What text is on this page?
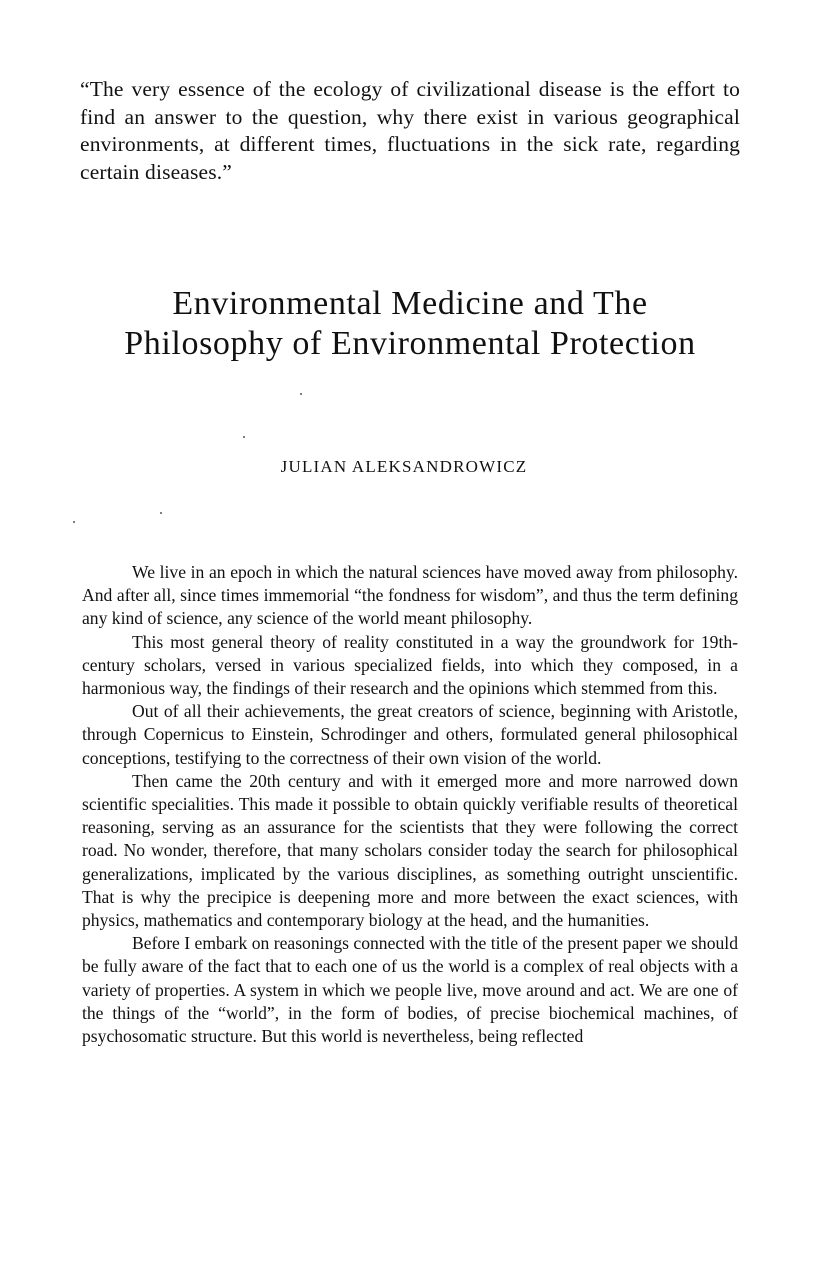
“The very essence of the ecology of civilizational disease is the effort to find an answer to the question, why there exist in various geographical environments, at different times, fluctuations in the sick rate, regarding certain diseases.”
Environmental Medicine and The Philosophy of Environmental Protection
JULIAN ALEKSANDROWICZ

We live in an epoch in which the natural sciences have moved away from philosophy. And after all, since times immemorial “the fondness for wisdom”, and thus the term defining any kind of science, any science of the world meant philosophy.

This most general theory of reality constituted in a way the groundwork for 19th-century scholars, versed in various specialized fields, into which they composed, in a harmonious way, the findings of their research and the opinions which stemmed from this.

Out of all their achievements, the great creators of science, beginning with Aristotle, through Copernicus to Einstein, Schrodinger and others, formulated general philosophical conceptions, testifying to the correctness of their own vision of the world.

Then came the 20th century and with it emerged more and more narrowed down scientific specialities. This made it possible to obtain quickly verifiable results of theoretical reasoning, serving as an assurance for the scientists that they were following the correct road. No wonder, therefore, that many scholars consider today the search for philosophical generalizations, implicated by the various disciplines, as something outright unscientific. That is why the precipice is deepening more and more between the exact sciences, with physics, mathematics and contemporary biology at the head, and the humanities.

Before I embark on reasonings connected with the title of the present paper we should be fully aware of the fact that to each one of us the world is a complex of real objects with a variety of properties. A system in which we people live, move around and act. We are one of the things of the “world”, in the form of bodies, of precise biochemical machines, of psychosomatic structure. But this world is nevertheless, being reflected
